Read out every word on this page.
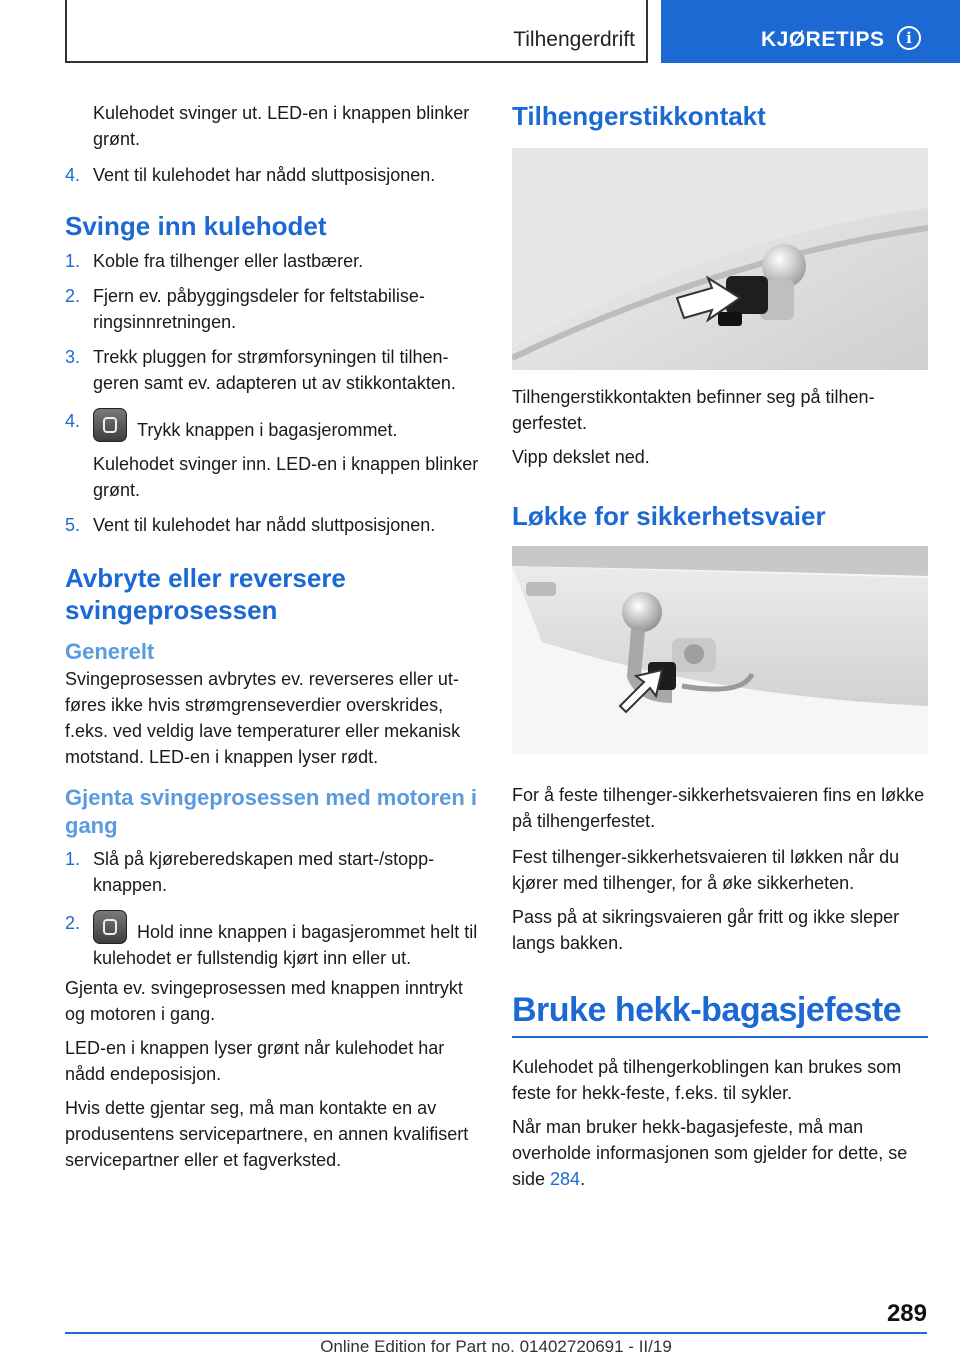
Tilhengerdrift	KJØRETIPS	i

Kulehodet svinger ut. LED-en i knappen blinker grønt.

4. Vent til kulehodet har nådd sluttposisjonen.
Svinge inn kulehodet
1. Koble fra tilhenger eller lastbærer.
2. Fjern ev. påbyggingsdeler for feltstabiliseringsinnretningen.
3. Trekk pluggen for strømforsyningen til tilhengeren samt ev. adapteren ut av stikkontakten.
4.	Trykk knappen i bagasjerommet.

Kulehodet svinger inn. LED-en i knappen blinker grønt.

5. Vent til kulehodet har nådd sluttposisjonen.
Avbryte eller reversere svingeprosessen
Generelt

Svingeprosessen avbrytes ev. reverseres eller utføres ikke hvis strømgrenseverdier overskrides, f.eks. ved veldig lave temperaturer eller mekanisk motstand. LED-en i knappen lyser rødt.

Gjenta svingeprosessen med motoren i gang
1. Slå på kjøreberedskapen med start-/stopp-knappen.
2.	Hold inne knappen i bagasjerommet helt til kulehodet er fullstendig kjørt inn eller ut.

Gjenta ev. svingeprosessen med knappen inntrykt og motoren i gang.

LED-en i knappen lyser grønt når kulehodet har nådd endeposisjon.

Hvis dette gjentar seg, må man kontakte en av produsentens servicepartnere, en annen kvalifisert servicepartner eller et fagverksted.

Tilhengerstikkontakt

Tilhengerstikkontakten befinner seg på tilhengerfestet.

Vipp dekslet ned.

Løkke for sikkerhetsvaier

For å feste tilhenger-sikkerhetsvaieren fins en løkke på tilhengerfestet.

Fest tilhenger-sikkerhetsvaieren til løkken når du kjører med tilhenger, for å øke sikkerheten.

Pass på at sikringsvaieren går fritt og ikke sleper langs bakken.

Bruke hekk-bagasjefeste

Kulehodet på tilhengerkoblingen kan brukes som feste for hekk-feste, f.eks. til sykler.

Når man bruker hekk-bagasjefeste, må man overholde informasjonen som gjelder for dette, se side 284.

289
Online Edition for Part no. 01402720691 - II/19
